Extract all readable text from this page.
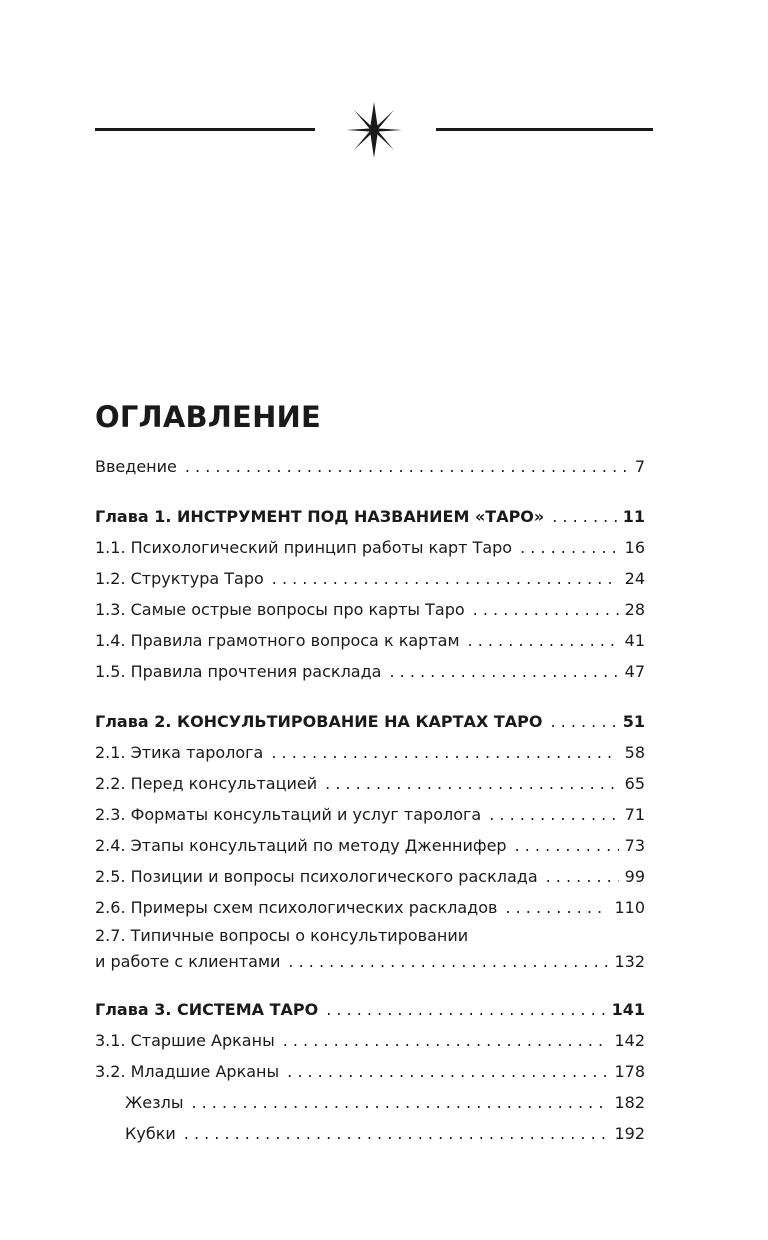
ОГЛАВЛЕНИЕ
Введение . . .	7
Глава 1. ИНСТРУМЕНТ ПОД НАЗВАНИЕМ «ТАРО» . . .	11
1.1. Психологический принцип работы карт Таро . . .	16
1.2. Структура Таро . . .	24
1.3. Самые острые вопросы про карты Таро . . .	28
1.4. Правила грамотного вопроса к картам . . .	41
1.5. Правила прочтения расклада . . .	47
Глава 2. КОНСУЛЬТИРОВАНИЕ НА КАРТАХ ТАРО . . .	51
2.1. Этика таролога . . .	58
2.2. Перед консультацией . . .	65
2.3. Форматы консультаций и услуг таролога . . .	71
2.4. Этапы консультаций по методу Дженнифер . . .	73
2.5. Позиции и вопросы психологического расклада . . .	99
2.6. Примеры схем психологических раскладов . . .	110
2.7. Типичные вопросы о консультировании
и работе с клиентами . . .	132
Глава 3. СИСТЕМА ТАРО . . .	141
3.1. Старшие Арканы . . .	142
3.2. Младшие Арканы . . .	178
Жезлы . . .	182
Кубки . . .	192
